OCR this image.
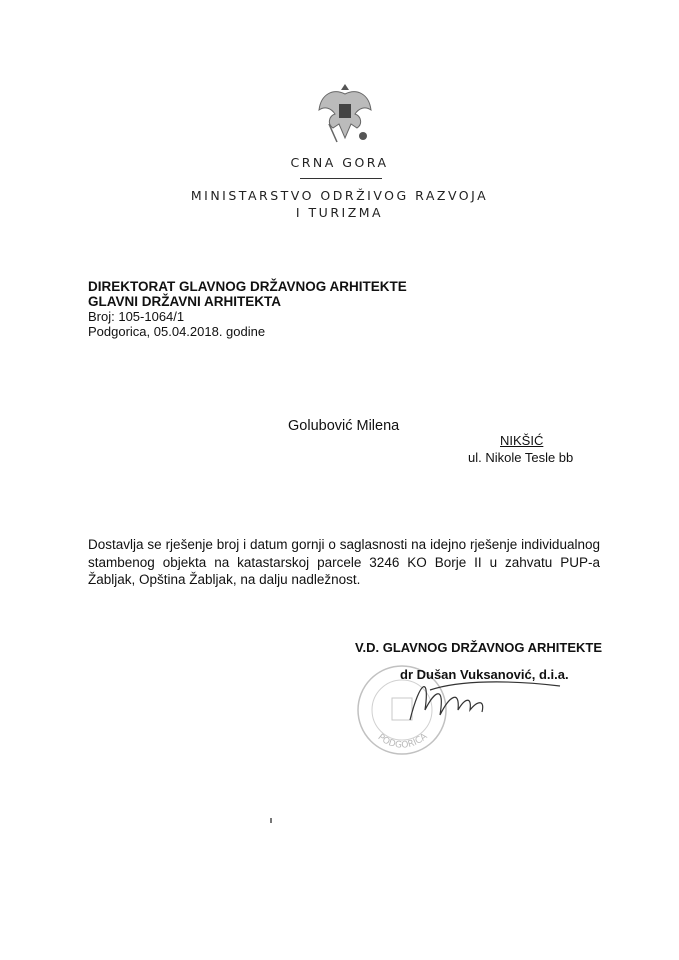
CRNA GORA
MINISTARSTVO ODRŽIVOG RAZVOJA
I TURIZMA
DIREKTORAT GLAVNOG DRŽAVNOG ARHITEKTE
GLAVNI DRŽAVNI ARHITEKTA
Broj: 105-1064/1
Podgorica, 05.04.2018. godine
Golubović Milena
NIKŠIĆ
ul. Nikole Tesle bb
Dostavlja se rješenje broj i datum gornji o saglasnosti na idejno rješenje individualnog stambenog objekta na katastarskoj parcele 3246 KO Borje II u zahvatu PUP-a Žabljak, Opština Žabljak, na dalju nadležnost.
V.D. GLAVNOG DRŽAVNOG ARHITEKTE
PODGORICA
dr Dušan Vuksanović, d.i.a.
